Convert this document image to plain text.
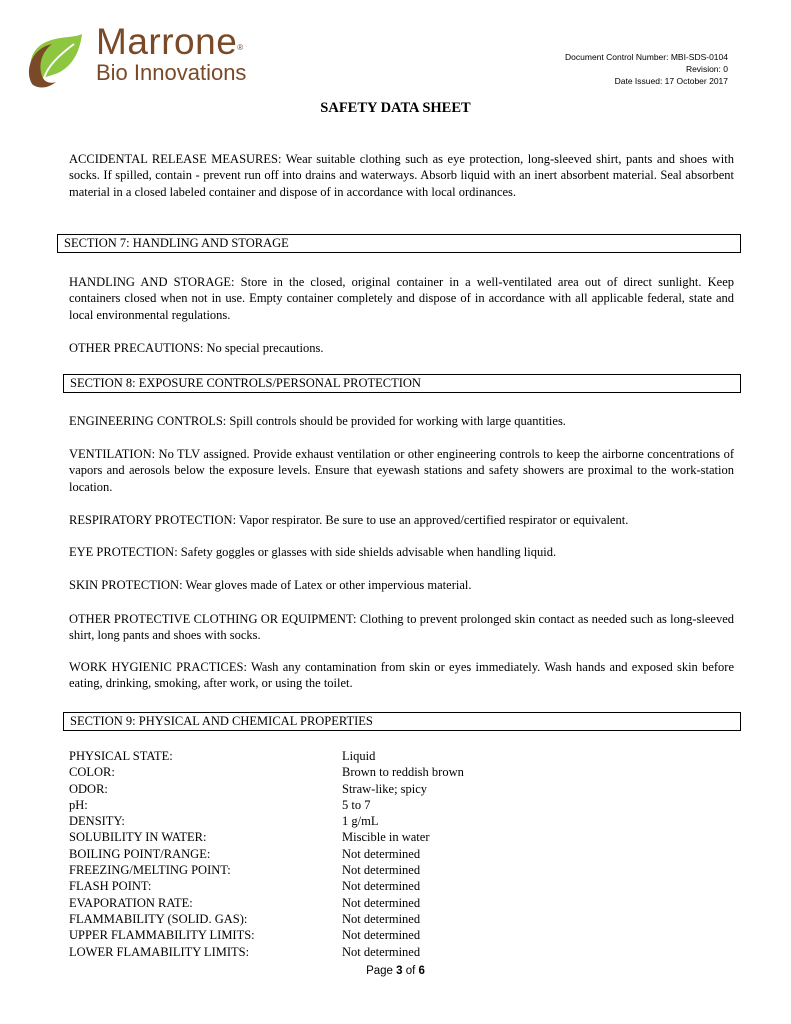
Marrone®
Bio Innovations
Document Control Number: MBI-SDS-0104
Revision: 0
Date Issued: 17 October 2017
SAFETY DATA SHEET
ACCIDENTAL RELEASE MEASURES: Wear suitable clothing such as eye protection, long-sleeved shirt, pants and shoes with socks. If spilled, contain - prevent run off into drains and waterways. Absorb liquid with an inert absorbent material. Seal absorbent material in a closed labeled container and dispose of in accordance with local ordinances.
SECTION 7: HANDLING AND STORAGE
HANDLING AND STORAGE: Store in the closed, original container in a well-ventilated area out of direct sunlight. Keep containers closed when not in use. Empty container completely and dispose of in accordance with all applicable federal, state and local environmental regulations.
OTHER PRECAUTIONS: No special precautions.
SECTION 8: EXPOSURE CONTROLS/PERSONAL PROTECTION
ENGINEERING CONTROLS: Spill controls should be provided for working with large quantities.
VENTILATION: No TLV assigned. Provide exhaust ventilation or other engineering controls to keep the airborne concentrations of vapors and aerosols below the exposure levels. Ensure that eyewash stations and safety showers are proximal to the work-station location.
RESPIRATORY PROTECTION: Vapor respirator. Be sure to use an approved/certified respirator or equivalent.
EYE PROTECTION: Safety goggles or glasses with side shields advisable when handling liquid.
SKIN PROTECTION: Wear gloves made of Latex or other impervious material.
OTHER PROTECTIVE CLOTHING OR EQUIPMENT: Clothing to prevent prolonged skin contact as needed such as long-sleeved shirt, long pants and shoes with socks.
WORK HYGIENIC PRACTICES: Wash any contamination from skin or eyes immediately. Wash hands and exposed skin before eating, drinking, smoking, after work, or using the toilet.
SECTION 9: PHYSICAL AND CHEMICAL PROPERTIES
PHYSICAL STATE:	Liquid
COLOR:	Brown to reddish brown
ODOR:	Straw-like; spicy
pH:	5 to 7
DENSITY:	1 g/mL
SOLUBILITY IN WATER:	Miscible in water
BOILING POINT/RANGE:	Not determined
FREEZING/MELTING POINT:	Not determined
FLASH POINT:	Not determined
EVAPORATION RATE:	Not determined
FLAMMABILITY (SOLID. GAS):	Not determined
UPPER FLAMMABILITY LIMITS:	Not determined
LOWER FLAMABILITY LIMITS:	Not determined
Page 3 of 6
